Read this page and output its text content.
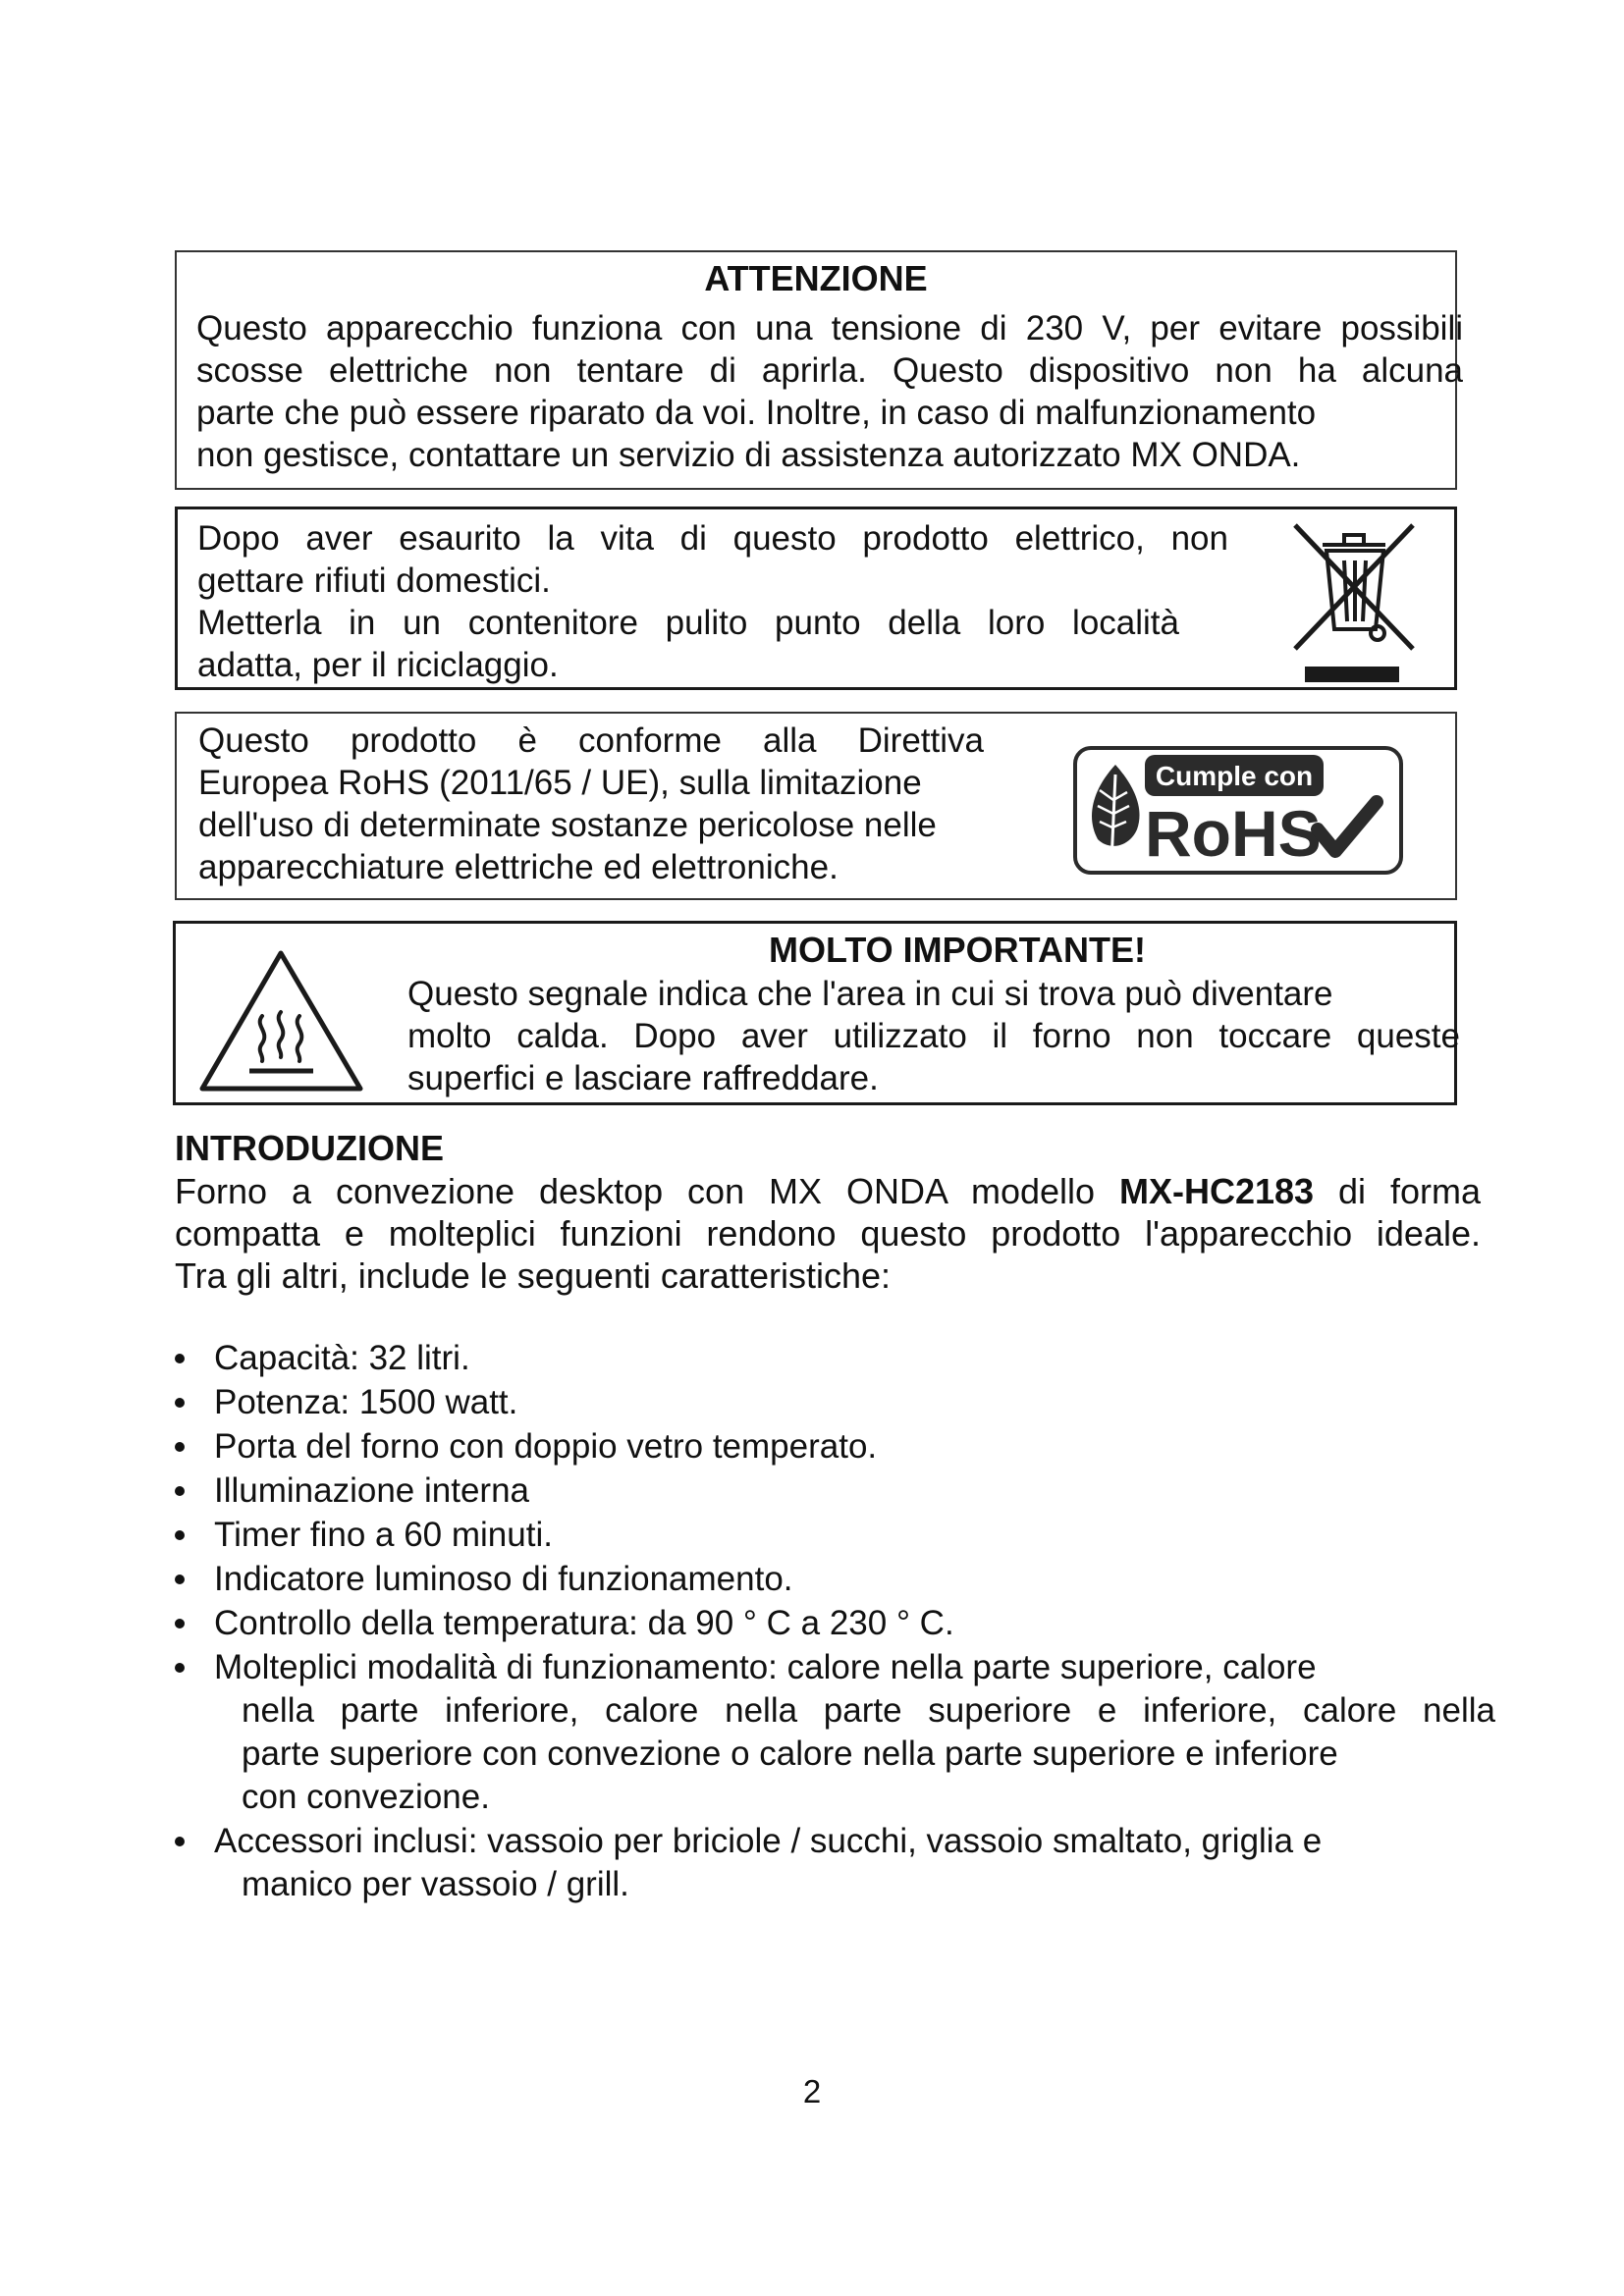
ATTENZIONE
Questo apparecchio funziona con una tensione di 230 V, per evitare possibili
scosse elettriche non tentare di aprirla. Questo dispositivo non ha alcuna
parte che può essere riparato da voi. Inoltre, in caso di malfunzionamento
non gestisce, contattare un servizio di assistenza autorizzato MX ONDA.
Dopo aver esaurito la vita di questo prodotto elettrico, non
gettare rifiuti domestici.
Metterla in un contenitore pulito punto della loro località
adatta, per il riciclaggio.
Questo prodotto è conforme alla Direttiva
Europea RoHS (2011/65 / UE), sulla limitazione
dell'uso di determinate sostanze pericolose nelle
apparecchiature elettriche ed elettroniche.
Cumple con
RoHS
MOLTO IMPORTANTE!
Questo segnale indica che l'area in cui si trova può diventare
molto calda. Dopo aver utilizzato il forno non toccare queste
superfici e lasciare raffreddare.
INTRODUZIONE
Forno a convezione desktop con MX ONDA modello MX-HC2183 di forma
compatta e molteplici funzioni rendono questo prodotto l'apparecchio ideale.
Tra gli altri, include le seguenti caratteristiche:
Capacità: 32 litri.
Potenza: 1500 watt.
Porta del forno con doppio vetro temperato.
Illuminazione interna
Timer fino a 60 minuti.
Indicatore luminoso di funzionamento.
Controllo della temperatura: da 90 ° C a 230 ° C.
Molteplici modalità di funzionamento: calore nella parte superiore, calore
nella parte inferiore, calore nella parte superiore e inferiore, calore nella
parte superiore con convezione o calore nella parte superiore e inferiore
con convezione.
Accessori inclusi: vassoio per briciole / succhi, vassoio smaltato, griglia e
manico per vassoio / grill.
2
